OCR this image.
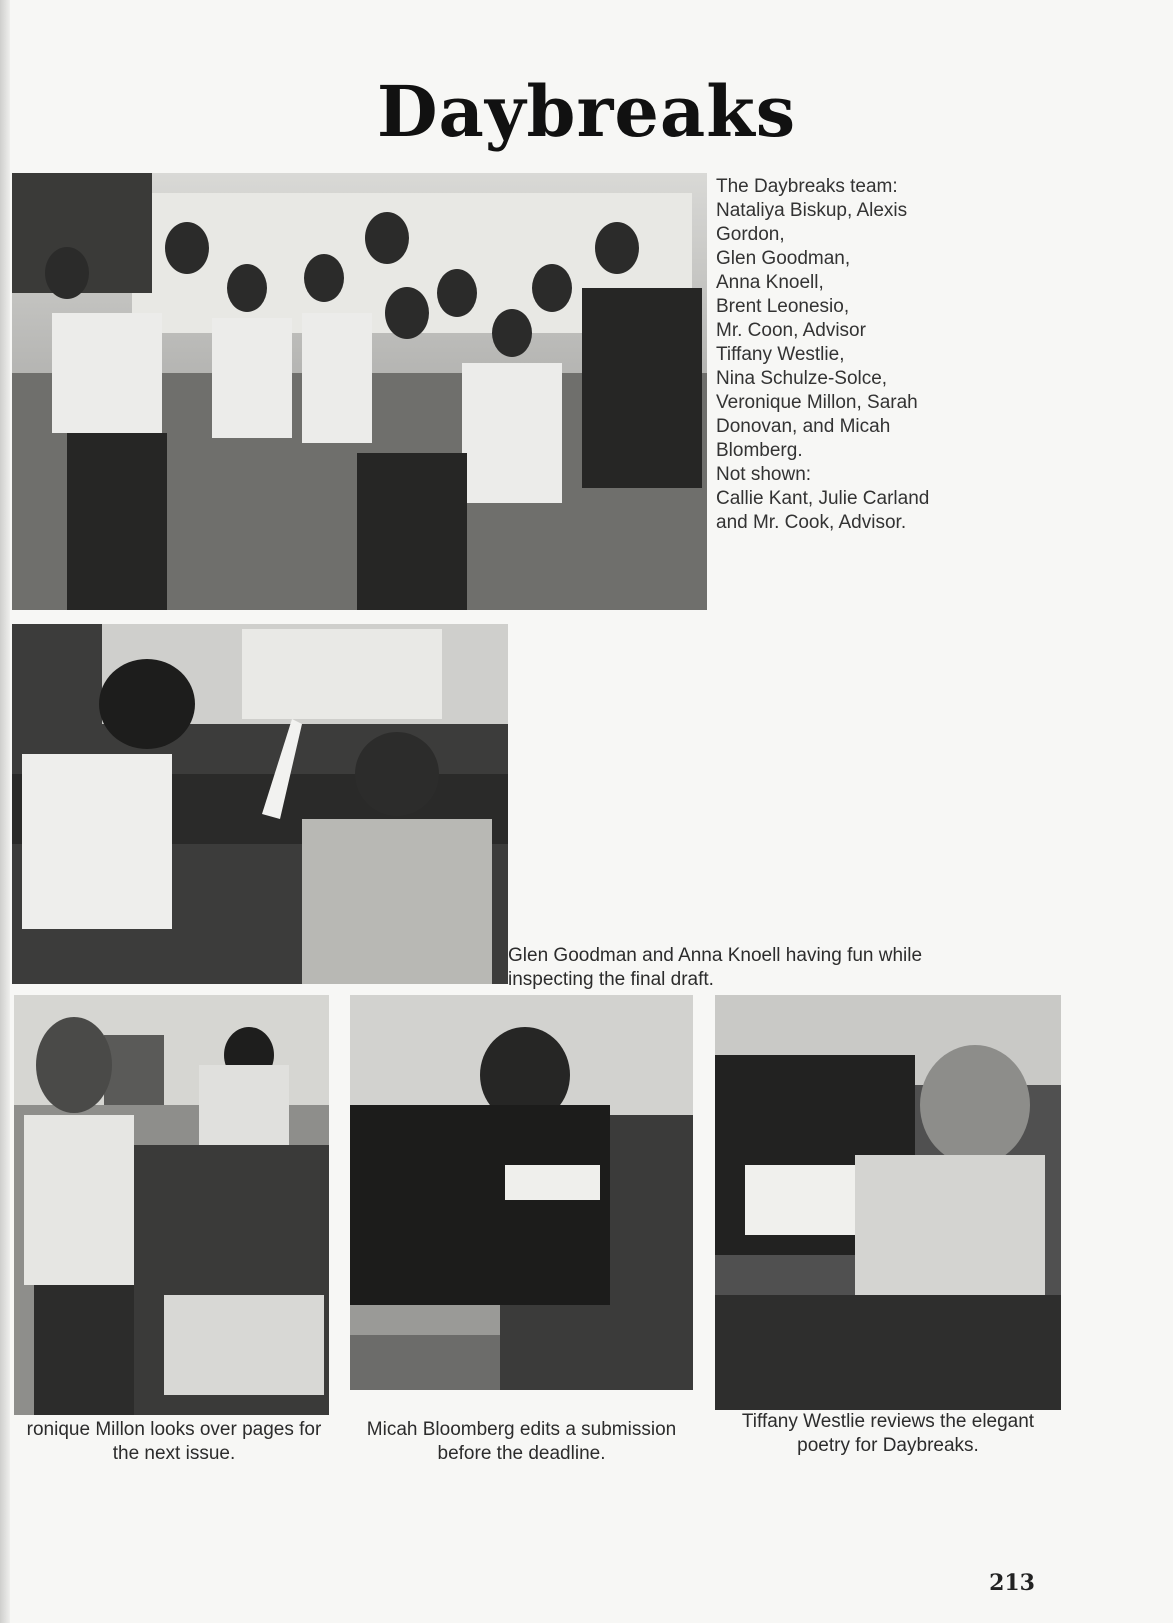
Daybreaks
The Daybreaks team:
Nataliya Biskup, Alexis
Gordon,
Glen Goodman,
Anna Knoell,
Brent Leonesio,
Mr. Coon, Advisor
Tiffany Westlie,
Nina Schulze-Solce,
Veronique Millon, Sarah
Donovan, and Micah
Blomberg.
Not shown:
Callie Kant, Julie Carland
and Mr. Cook, Advisor.
Glen Goodman and Anna Knoell having fun while inspecting the final draft.
ronique Millon looks over pages for the next issue.
Micah Bloomberg edits a submission before the deadline.
Tiffany Westlie reviews the elegant poetry for Daybreaks.
213
